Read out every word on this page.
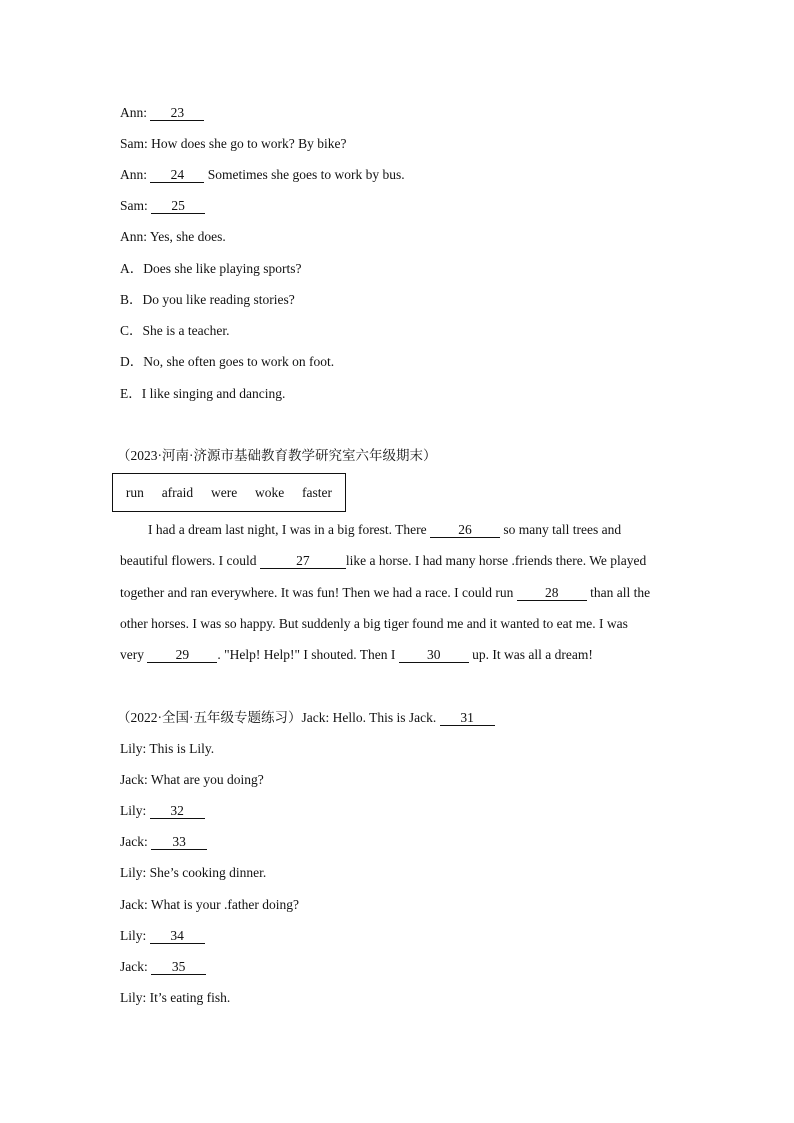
Ann: 23
Sam: How does she go to work? By bike?
Ann: 24 Sometimes she goes to work by bus.
Sam: 25
Ann: Yes, she does.
A．Does she like playing sports?
B．Do you like reading stories?
C．She is a teacher.
D．No, she often goes to work on foot.
E．I like singing and dancing.
（2023·河南·济源市基础教育教学研究室六年级期末）
run afraid were woke faster
I had a dream last night, I was in a big forest. There 26 so many tall trees and
beautiful flowers. I could	27	like a horse. I had many horse .friends there. We played
together and ran everywhere. It was fun! Then we had a race. I could run 28 than all the
other horses. I was so happy. But suddenly a big tiger found me and it wanted to eat me. I was
very 29 . "Help! Help!" I shouted. Then I 30 up. It was all a dream!
（2022·全国·五年级专题练习）Jack: Hello. This is Jack. 31
Lily: This is Lily.
Jack: What are you doing?
Lily: 32
Jack: 33
Lily: She’s cooking dinner.
Jack: What is your .father doing?
Lily: 34
Jack: 35
Lily: It’s eating fish.
